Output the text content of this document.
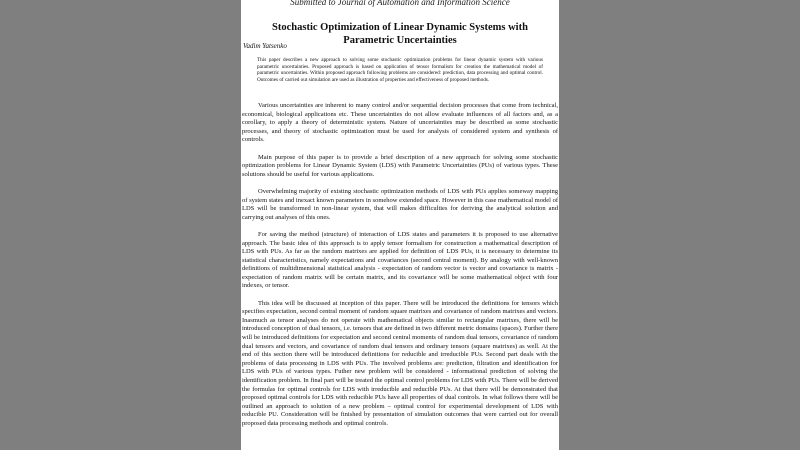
Submitted to Journal of Automation and Information Science
Stochastic Optimization of Linear Dynamic Systems with Parametric Uncertainties
Vadim Yatsenko
This paper describes a new approach to solving some stochastic optimization problems for linear dynamic system with various parametric uncertainties. Proposed approach is based on application of tensor formalism for creation the mathematical model of parametric uncertainties. Within proposed approach following problems are considered: prediction, data processing and optimal control. Outcomes of carried out simulation are used as illustration of properties and effectiveness of proposed methods.

Various uncertainties are inherent to many control and/or sequential decision processes that come from technical, economical, biological applications etc. These uncertainties do not allow evaluate influences of all factors and, as a corollary, to apply a theory of deterministic system. Nature of uncertainties may be described as some stochastic processes, and theory of stochastic optimization must be used for analysis of considered system and synthesis of controls.

Main purpose of this paper is to provide a brief description of a new approach for solving some stochastic optimization problems for Linear Dynamic System (LDS) with Parametric Uncertainties (PUs) of various types. These solutions should be useful for various applications.

Overwhelming majority of existing stochastic optimization methods of LDS with PUs applies someway mapping of system states and inexact known parameters in somehow extended space. However in this case mathematical model of LDS will be transformed in non-linear system, that will makes difficulties for deriving the analytical solution and carrying out analyses of this ones.

For saving the method (structure) of interaction of LDS states and parameters it is proposed to use alternative approach. The basic idea of this approach is to apply tensor formalism for construction a mathematical description of LDS with PUs. As far as the random matrixes are applied for definition of LDS PUs, it is necessary to determine its statistical characteristics, namely expectations and covariances (second central moment). By analogy with well-known definitions of multidimensional statistical analysis - expectation of random vector is vector and covariance is matrix - expectation of random matrix will be certain matrix, and its covariance will be some mathematical object with four indexes, or tensor.

This idea will be discussed at inception of this paper. There will be introduced the definitions for tensors which specifies expectation, second central moment of random square matrixes and covariance of random matrixes and vectors. Inasmuch as tensor analyses do not operate with mathematical objects similar to rectangular matrixes, there will be introduced conception of dual tensors, i.e. tensors that are defined in two different metric domains (spaces). Further there will be introduced definitions for expectation and second central moments of random dual tensors, covariance of random dual tensors and vectors, and covariance of random dual tensors and ordinary tensors (square matrixes) as well. At the end of this section there will be introduced definitions for reducible and irreducible PUs. Second part deals with the problems of data processing in LDS with PUs. The involved problems are: prediction, filtration and identification for LDS with PUs of various types. Futher new problem will be considered - informational prediction of solving the identification problem. In final part will be treated the optimal control problems for LDS with PUs. There will be derived the formulas for optimal controls for LDS with irreducible and reducible PUs. At that there will be demonstrated that proposed optimal controls for LDS with reducible PUs have all properties of dual controls. In what follows there will be outlined an approach to solution of a new problem – optimal control for experimental development of LDS with reducible PU. Consideration will be finished by presentation of simulation outcomes that were carried out for overall proposed data processing methods and optimal controls.
